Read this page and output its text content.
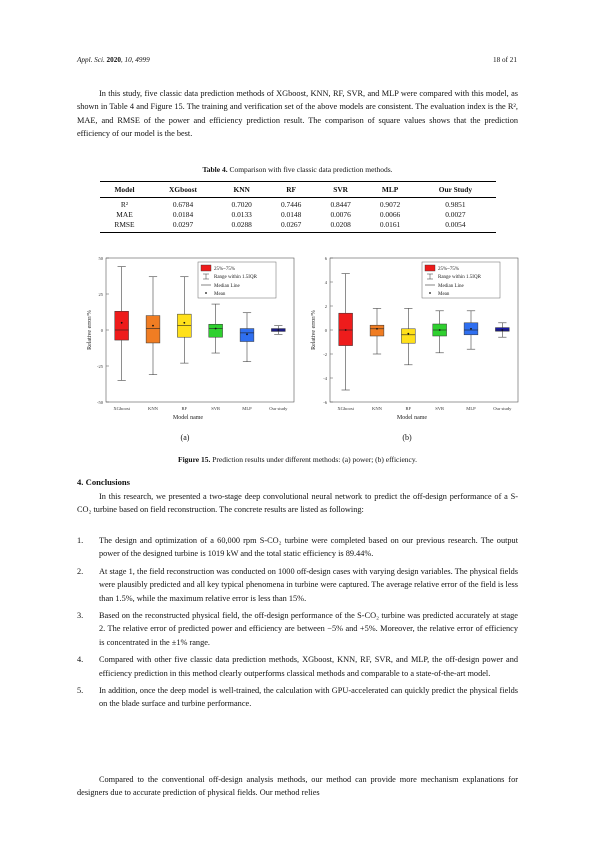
Appl. Sci. 2020, 10, 4999	18 of 21
In this study, five classic data prediction methods of XGboost, KNN, RF, SVR, and MLP were compared with this model, as shown in Table 4 and Figure 15. The training and verification set of the above models are consistent. The evaluation index is the R², MAE, and RMSE of the power and efficiency prediction result. The comparison of square values shows that the prediction efficiency of our model is the best.
Table 4. Comparison with five classic data prediction methods.
Model	XGboost	KNN	RF	SVR	MLP	Our Study
R²	0.6784	0.7020	0.7446	0.8447	0.9072	0.9851
MAE	0.0184	0.0133	0.0148	0.0076	0.0066	0.0027
RMSE	0.0297	0.0288	0.0267	0.0208	0.0161	0.0054
-50
-25
0
25
50
Relative error/%
XGboost	KNN	RF	SVR	MLP	Our study
Model name
25%~75%
Range within 1.5IQR
Median Line
Mean
-6
-4
-2
0
2
4
6
Relative error/%
XGboost	KNN	RF	SVR	MLP	Our study
Model name
25%~75%
Range within 1.5IQR
Median Line
Mean
(a)	(b)
Figure 15. Prediction results under different methods: (a) power; (b) efficiency.
4. Conclusions
In this research, we presented a two-stage deep convolutional neural network to predict the off-design performance of a S-CO₂ turbine based on field reconstruction. The concrete results are listed as following:
1. The design and optimization of a 60,000 rpm S-CO₂ turbine were completed based on our previous research. The output power of the designed turbine is 1019 kW and the total static efficiency is 89.44%.
2. At stage 1, the field reconstruction was conducted on 1000 off-design cases with varying design variables. The physical fields were plausibly predicted and all key typical phenomena in turbine were captured. The average relative error of the field is less than 1.5%, while the maximum relative error is less than 15%.
3. Based on the reconstructed physical field, the off-design performance of the S-CO₂ turbine was predicted accurately at stage 2. The relative error of predicted power and efficiency are between −5% and +5%. Moreover, the relative error of efficiency is concentrated in the ±1% range.
4. Compared with other five classic data prediction methods, XGboost, KNN, RF, SVR, and MLP, the off-design power and efficiency prediction in this method clearly outperforms classical methods and comparable to a state-of-the-art model.
5. In addition, once the deep model is well-trained, the calculation with GPU-accelerated can quickly predict the physical fields on the blade surface and turbine performance.
Compared to the conventional off-design analysis methods, our method can provide more mechanism explanations for designers due to accurate prediction of physical fields. Our method relies
